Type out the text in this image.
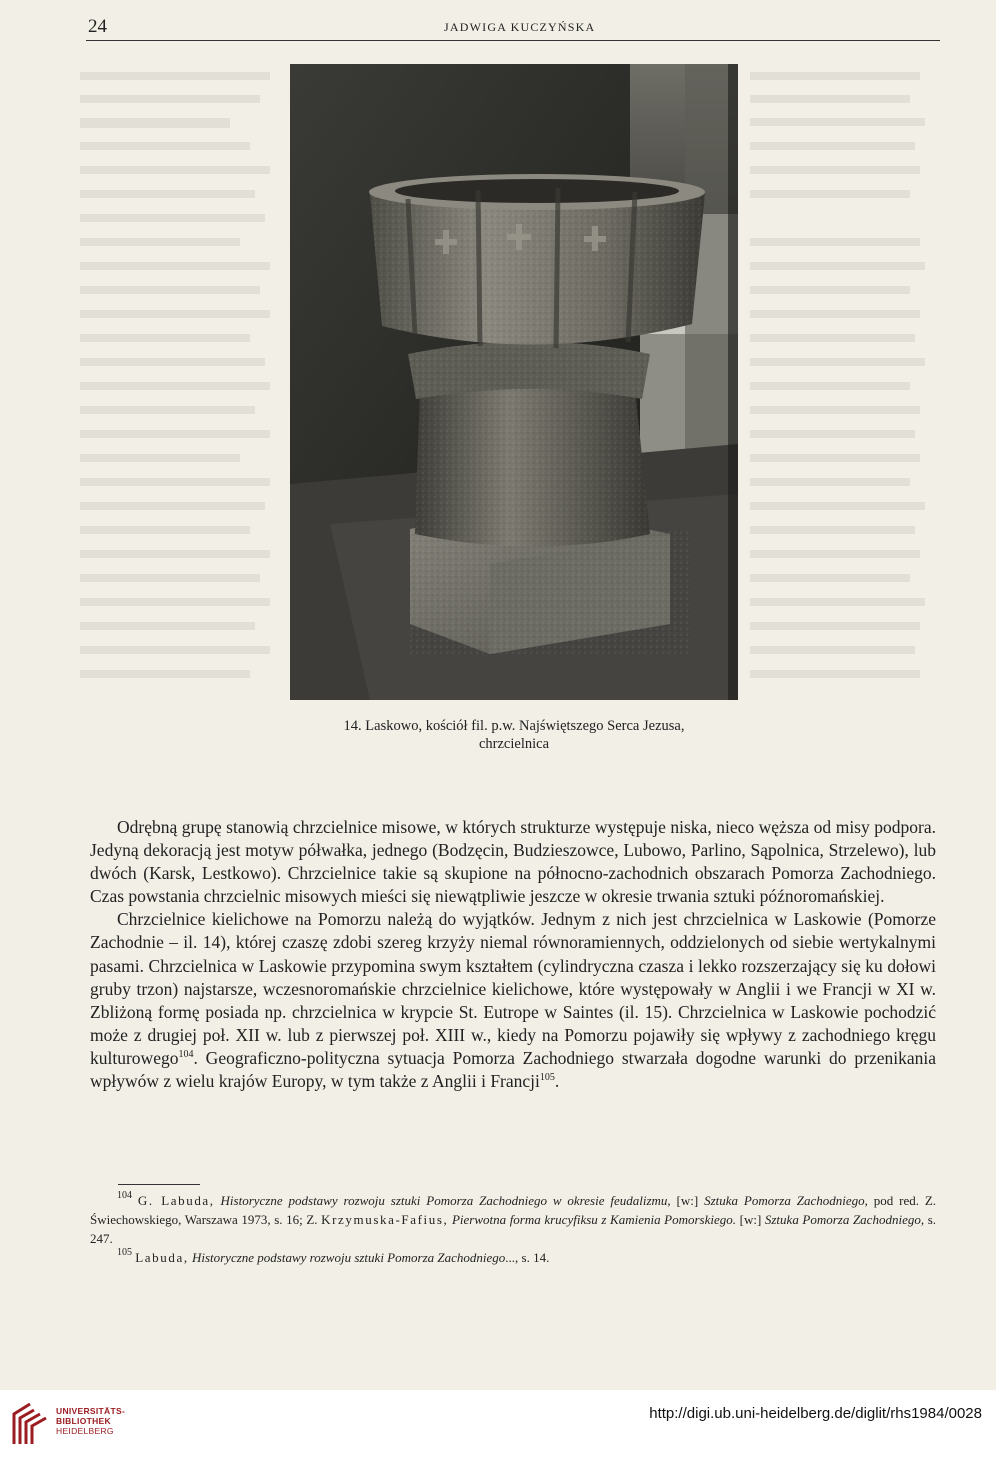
24	JADWIGA KUCZYŃSKA
14. Laskowo, kościół fil. p.w. Najświętszego Serca Jezusa,
chrzcielnica

Odrębną grupę stanowią chrzcielnice misowe, w których strukturze występuje niska, nieco węższa od misy podpora. Jedyną dekoracją jest motyw półwałka, jednego (Bodzęcin, Budzieszowce, Lubowo, Parlino, Sąpolnica, Strzelewo), lub dwóch (Karsk, Lestkowo). Chrzcielnice takie są skupione na północno-zachodnich obszarach Pomorza Zachodniego. Czas powstania chrzcielnic misowych mieści się niewątpliwie jeszcze w okresie trwania sztuki późnoromańskiej.

Chrzcielnice kielichowe na Pomorzu należą do wyjątków. Jednym z nich jest chrzcielnica w Laskowie (Pomorze Zachodnie – il. 14), której czaszę zdobi szereg krzyży niemal równoramiennych, oddzielonych od siebie wertykalnymi pasami. Chrzcielnica w Laskowie przypomina swym kształtem (cylindryczna czasza i lekko rozszerzający się ku dołowi gruby trzon) najstarsze, wczesnoromańskie chrzcielnice kielichowe, które występowały w Anglii i we Francji w XI w. Zbliżoną formę posiada np. chrzcielnica w krypcie St. Eutrope w Saintes (il. 15). Chrzcielnica w Laskowie pochodzić może z drugiej poł. XII w. lub z pierwszej poł. XIII w., kiedy na Pomorzu pojawiły się wpływy z zachodniego kręgu kulturowego$^{104}$. Geograficzno-polityczna sytuacja Pomorza Zachodniego stwarzała dogodne warunki do przenikania wpływów z wielu krajów Europy, w tym także z Anglii i Francji$^{105}$.

$^{104}$ G. Labuda, Historyczne podstawy rozwoju sztuki Pomorza Zachodniego w okresie feudalizmu, [w:] Sztuka Pomorza Zachodniego, pod red. Z. Świechowskiego, Warszawa 1973, s. 16; Z. Krzymuska-Fafius, Pierwotna forma krucyfiksu z Kamienia Pomorskiego. [w:] Sztuka Pomorza Zachodniego, s. 247.

$^{105}$ Labuda, Historyczne podstawy rozwoju sztuki Pomorza Zachodniego..., s. 14.

UNIVERSITÄTS-
BIBLIOTHEK
HEIDELBERG
http://digi.ub.uni-heidelberg.de/diglit/rhs1984/0028
